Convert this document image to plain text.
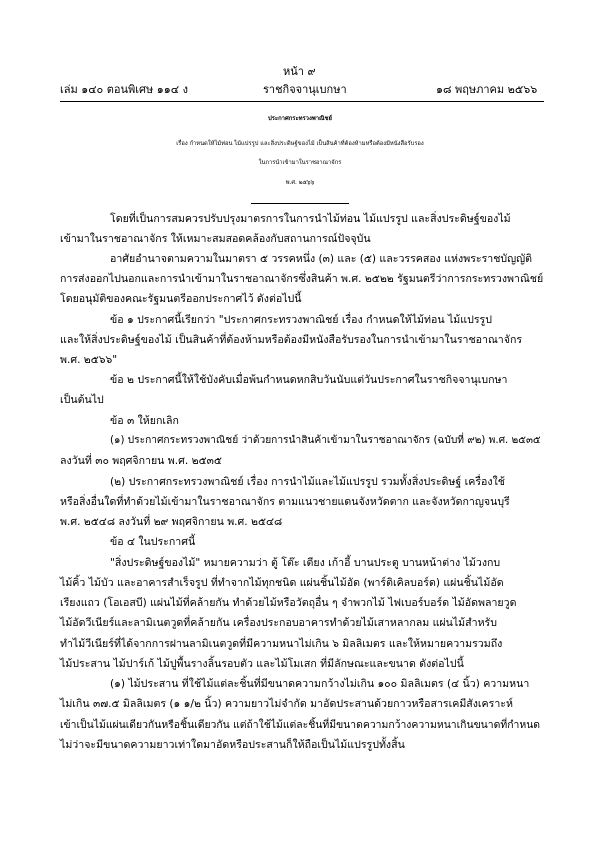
หน้า ๙
เล่ม ๑๔๐ ตอนพิเศษ ๑๑๔ ง	ราชกิจจานุเบกษา	๑๘ พฤษภาคม ๒๕๖๖
ประกาศกระทรวงพาณิชย์
เรื่อง กำหนดให้ไม้ท่อน ไม้แปรรูป และสิ่งประดิษฐ์ของไม้ เป็นสินค้าที่ต้องห้ามหรือต้องมีหนังสือรับรอง
ในการนำเข้ามาในราชอาณาจักร
พ.ศ. ๒๕๖๖
โดยที่เป็นการสมควรปรับปรุงมาตรการในการนำไม้ท่อน ไม้แปรรูป และสิ่งประดิษฐ์ของไม้
เข้ามาในราชอาณาจักร ให้เหมาะสมสอดคล้องกับสถานการณ์ปัจจุบัน
อาศัยอำนาจตามความในมาตรา ๕ วรรคหนึ่ง (๓) และ (๕) และวรรคสอง แห่งพระราชบัญญัติ
การส่งออกไปนอกและการนำเข้ามาในราชอาณาจักรซึ่งสินค้า พ.ศ. ๒๕๒๒ รัฐมนตรีว่าการกระทรวงพาณิชย์
โดยอนุมัติของคณะรัฐมนตรีออกประกาศไว้ ดังต่อไปนี้
ข้อ ๑ ประกาศนี้เรียกว่า "ประกาศกระทรวงพาณิชย์ เรื่อง กำหนดให้ไม้ท่อน ไม้แปรรูป
และให้สิ่งประดิษฐ์ของไม้ เป็นสินค้าที่ต้องห้ามหรือต้องมีหนังสือรับรองในการนำเข้ามาในราชอาณาจักร
พ.ศ. ๒๕๖๖"
ข้อ ๒ ประกาศนี้ให้ใช้บังคับเมื่อพ้นกำหนดหกสิบวันนับแต่วันประกาศในราชกิจจานุเบกษา
เป็นต้นไป
ข้อ ๓ ให้ยกเลิก
(๑) ประกาศกระทรวงพาณิชย์ ว่าด้วยการนำสินค้าเข้ามาในราชอาณาจักร (ฉบับที่ ๙๒) พ.ศ. ๒๕๓๕
ลงวันที่ ๓๐ พฤศจิกายน พ.ศ. ๒๕๓๕
(๒) ประกาศกระทรวงพาณิชย์ เรื่อง การนำไม้และไม้แปรรูป รวมทั้งสิ่งประดิษฐ์ เครื่องใช้
หรือสิ่งอื่นใดที่ทำด้วยไม้เข้ามาในราชอาณาจักร ตามแนวชายแดนจังหวัดตาก และจังหวัดกาญจนบุรี
พ.ศ. ๒๕๔๘ ลงวันที่ ๒๙ พฤศจิกายน พ.ศ. ๒๕๔๘
ข้อ ๔ ในประกาศนี้
"สิ่งประดิษฐ์ของไม้" หมายความว่า ตู้ โต๊ะ เตียง เก้าอี้ บานประตู บานหน้าต่าง ไม้วงกบ
ไม้คิ้ว ไม้บัว และอาคารสำเร็จรูป ที่ทำจากไม้ทุกชนิด แผ่นชิ้นไม้อัด (พาร์ติเคิลบอร์ด) แผ่นชิ้นไม้อัด
เรียงแถว (โอเอสบี) แผ่นไม้ที่คล้ายกัน ทำด้วยไม้หรือวัตถุอื่น ๆ จำพวกไม้ ไฟเบอร์บอร์ด ไม้อัดพลายวูด
ไม้อัดวีเนียร์และลามิเนตวูดที่คล้ายกัน เครื่องประกอบอาคารทำด้วยไม้เสาหลากลม แผ่นไม้สำหรับ
ทำไม้วีเนียร์ที่ได้จากการฝานลามิเนตวูดที่มีความหนาไม่เกิน ๖ มิลลิเมตร และให้หมายความรวมถึง
ไม้ประสาน ไม้ปาร์เก้ ไม้ปูพื้นรางลิ้นรอบตัว และไม้โมเสก ที่มีลักษณะและขนาด ดังต่อไปนี้
(๑) ไม้ประสาน ที่ใช้ไม้แต่ละชิ้นที่มีขนาดความกว้างไม่เกิน ๑๐๐ มิลลิเมตร (๔ นิ้ว) ความหนา
ไม่เกิน ๓๗.๕ มิลลิเมตร (๑ ๑/๒ นิ้ว) ความยาวไม่จำกัด มาอัดประสานด้วยกาวหรือสารเคมีสังเคราะห์
เข้าเป็นไม้แผ่นเดียวกันหรือชิ้นเดียวกัน แต่ถ้าใช้ไม้แต่ละชิ้นที่มีขนาดความกว้างความหนาเกินขนาดที่กำหนด
ไม่ว่าจะมีขนาดความยาวเท่าใดมาอัดหรือประสานก็ให้ถือเป็นไม้แปรรูปทั้งสิ้น
